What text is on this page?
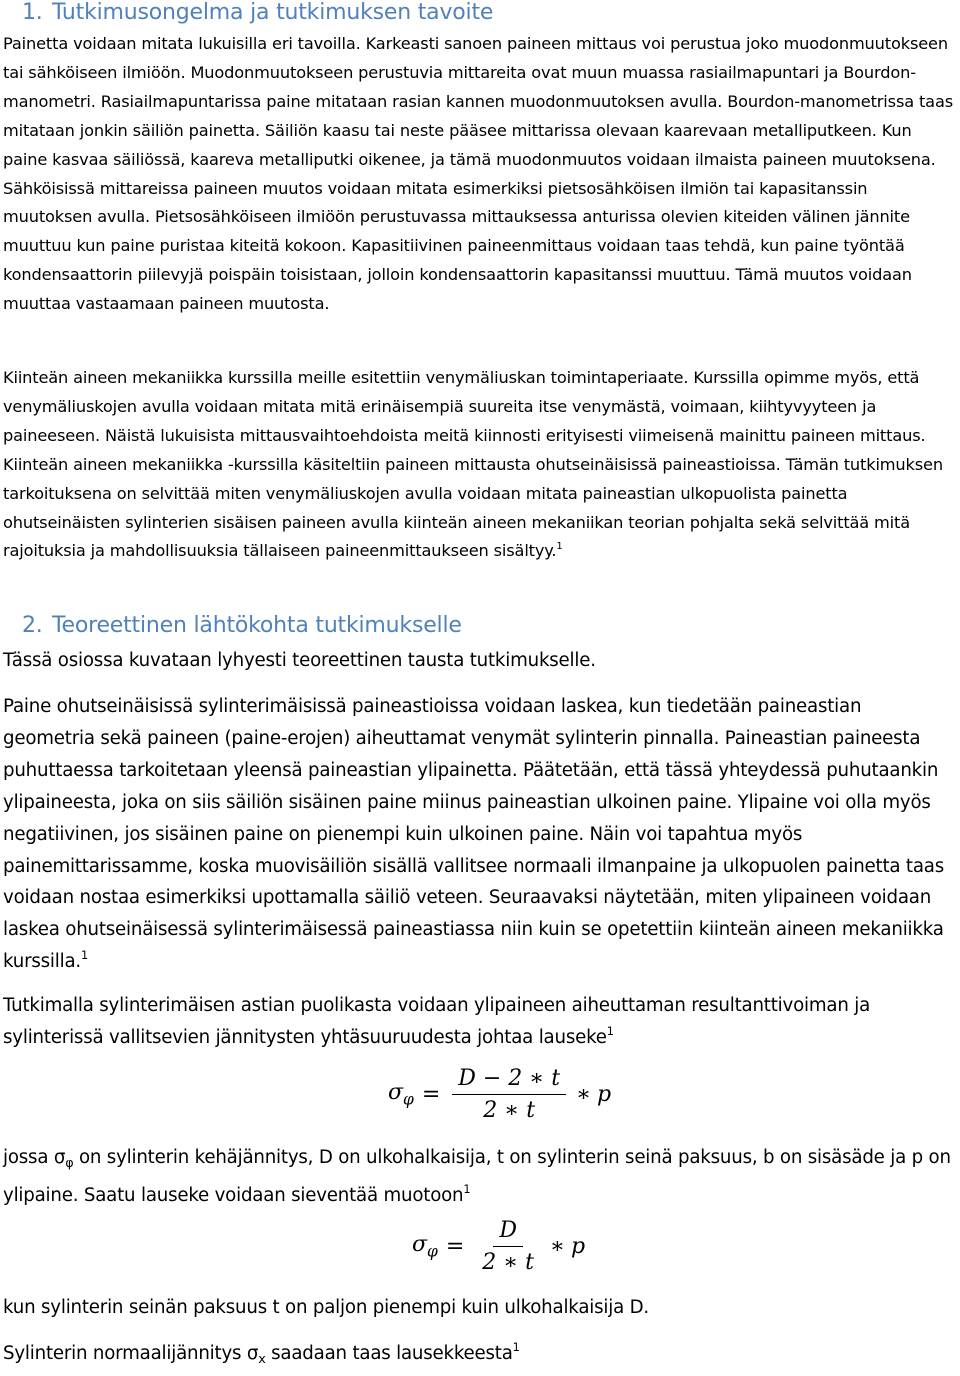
1. Tutkimusongelma ja tutkimuksen tavoite

Painetta voidaan mitata lukuisilla eri tavoilla. Karkeasti sanoen paineen mittaus voi perustua joko muodonmuutokseen tai sähköiseen ilmiöön. Muodonmuutokseen perustuvia mittareita ovat muun muassa rasiailmapuntari ja Bourdon-manometri. Rasiailmapuntarissa paine mitataan rasian kannen muodonmuutoksen avulla. Bourdon-manometrissa taas mitataan jonkin säiliön painetta. Säiliön kaasu tai neste pääsee mittarissa olevaan kaarevaan metalliputkeen. Kun paine kasvaa säiliössä, kaareva metalliputki oikenee, ja tämä muodonmuutos voidaan ilmaista paineen muutoksena. Sähköisissä mittareissa paineen muutos voidaan mitata esimerkiksi pietsosähköisen ilmiön tai kapasitanssin muutoksen avulla. Pietsosähköiseen ilmiöön perustuvassa mittauksessa anturissa olevien kiteiden välinen jännite muuttuu kun paine puristaa kiteitä kokoon. Kapasitiivinen paineenmittaus voidaan taas tehdä, kun paine työntää kondensaattorin piilevyjä poispäin toisistaan, jolloin kondensaattorin kapasitanssi muuttuu. Tämä muutos voidaan muuttaa vastaamaan paineen muutosta.

Kiinteän aineen mekaniikka kurssilla meille esitettiin venymäliuskan toimintaperiaate. Kurssilla opimme myös, että venymäliuskojen avulla voidaan mitata mitä erinäisempiä suureita itse venymästä, voimaan, kiihtyvyyteen ja paineeseen. Näistä lukuisista mittausvaihtoehdoista meitä kiinnosti erityisesti viimeisenä mainittu paineen mittaus. Kiinteän aineen mekaniikka -kurssilla käsiteltiin paineen mittausta ohutseinäisissä paineastioissa. Tämän tutkimuksen tarkoituksena on selvittää miten venymäliuskojen avulla voidaan mitata paineastian ulkopuolista painetta ohutseinäisten sylinterien sisäisen paineen avulla kiinteän aineen mekaniikan teorian pohjalta sekä selvittää mitä rajoituksia ja mahdollisuuksia tällaiseen paineenmittaukseen sisältyy.$^1$

2. Teoreettinen lähtökohta tutkimukselle

Tässä osiossa kuvataan lyhyesti teoreettinen tausta tutkimukselle.

Paine ohutseinäisissä sylinterimäisissä paineastioissa voidaan laskea, kun tiedetään paineastian geometria sekä paineen (paine-erojen) aiheuttamat venymät sylinterin pinnalla. Paineastian paineesta puhuttaessa tarkoitetaan yleensä paineastian ylipainetta. Päätetään, että tässä yhteydessä puhutaankin ylipaineesta, joka on siis säiliön sisäinen paine miinus paineastian ulkoinen paine. Ylipaine voi olla myös negatiivinen, jos sisäinen paine on pienempi kuin ulkoinen paine. Näin voi tapahtua myös painemittarissamme, koska muovisäiliön sisällä vallitsee normaali ilmanpaine ja ulkopuolen painetta taas voidaan nostaa esimerkiksi upottamalla säiliö veteen. Seuraavaksi näytetään, miten ylipaineen voidaan laskea ohutseinäisessä sylinterimäisessä paineastiassa niin kuin se opetettiin kiinteän aineen mekaniikka kurssilla.$^1$

Tutkimalla sylinterimäisen astian puolikasta voidaan ylipaineen aiheuttaman resultanttivoiman ja sylinterissä vallitsevien jännitysten yhtäsuuruudesta johtaa lauseke$^1$

$\sigma_\varphi = \frac{D - 2 ∗ t}{2 ∗ t}$ ∗ p

jossa $\sigma_\varphi$ on sylinterin kehäjännitys, D on ulkohalkaisija, t on sylinterin seinä paksuus, b on sisäsäde ja p on ylipaine. Saatu lauseke voidaan sieventää muotoon$^1$

$\sigma_\varphi = \frac{D}{2 ∗ t}$ ∗ p

kun sylinterin seinän paksuus t on paljon pienempi kuin ulkohalkaisija D.

Sylinterin normaalijännitys $\sigma_x$ saadaan taas lausekkeesta$^1$
